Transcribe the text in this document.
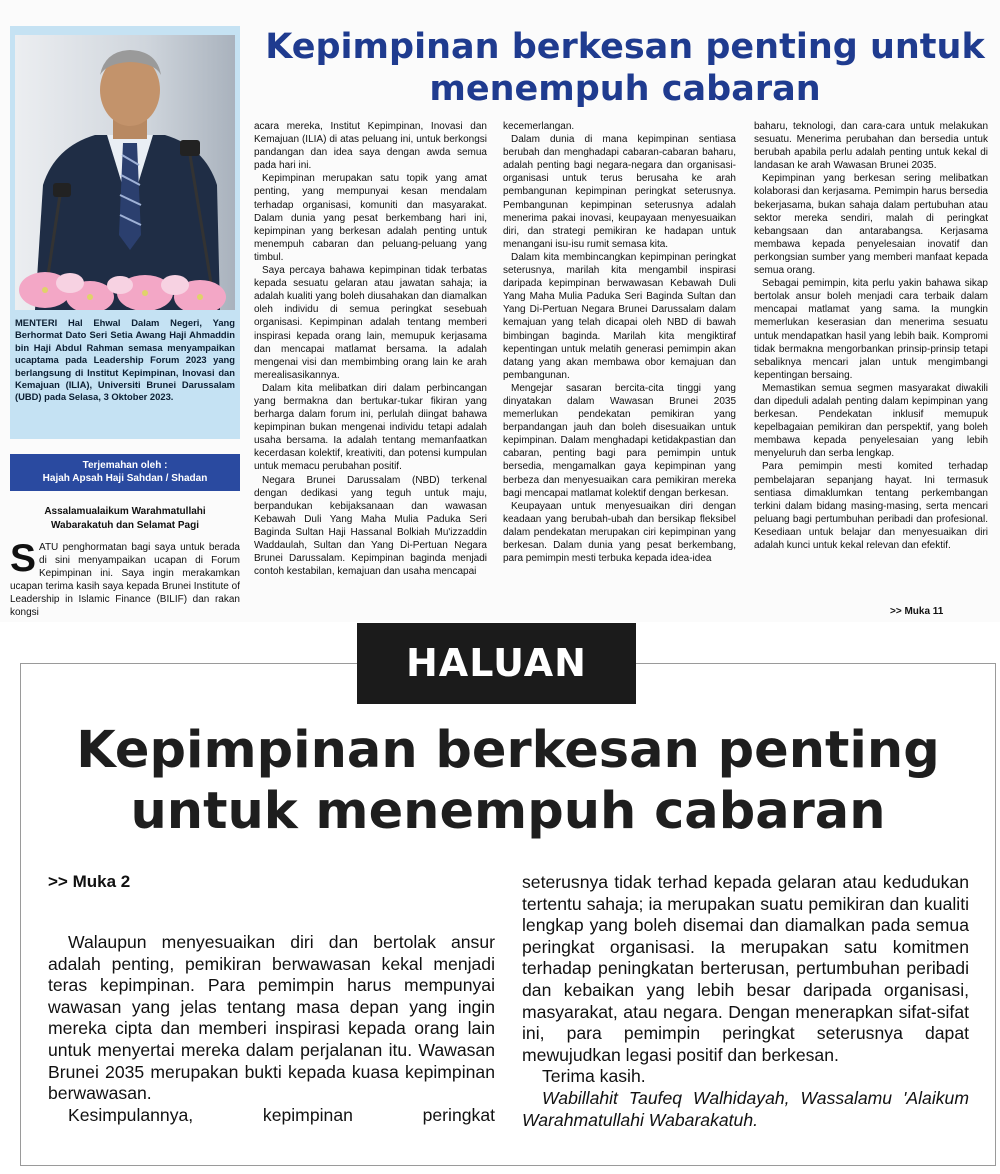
MENTERI Hal Ehwal Dalam Negeri, Yang Berhormat Dato Seri Setia Awang Haji Ahmaddin bin Haji Abdul Rahman semasa menyampaikan ucaptama pada Leadership Forum 2023 yang berlangsung di Institut Kepimpinan, Inovasi dan Kemajuan (ILIA), Universiti Brunei Darussalam (UBD) pada Selasa, 3 Oktober 2023.
Terjemahan oleh :
Hajah Apsah Haji Sahdan / Shadan
Assalamualaikum Warahmatullahi
Wabarakatuh dan Selamat Pagi
SATU penghormatan bagi saya untuk berada di sini menyampaikan ucapan di Forum Kepimpinan ini. Saya ingin merakamkan ucapan terima kasih saya kepada Brunei Institute of Leadership in Islamic Finance (BILIF) dan rakan kongsi
Kepimpinan berkesan penting untuk menempuh cabaran

acara mereka, Institut Kepimpinan, Inovasi dan Kemajuan (ILIA) di atas peluang ini, untuk berkongsi pandangan dan idea saya dengan awda semua pada hari ini.

Kepimpinan merupakan satu topik yang amat penting, yang mempunyai kesan mendalam terhadap organisasi, komuniti dan masyarakat. Dalam dunia yang pesat berkembang hari ini, kepimpinan yang berkesan adalah penting untuk menempuh cabaran dan peluang-peluang yang timbul.

Saya percaya bahawa kepimpinan tidak terbatas kepada sesuatu gelaran atau jawatan sahaja; ia adalah kualiti yang boleh diusahakan dan diamalkan oleh individu di semua peringkat sesebuah organisasi. Kepimpinan adalah tentang memberi inspirasi kepada orang lain, memupuk kerjasama dan mencapai matlamat bersama. Ia adalah mengenai visi dan membimbing orang lain ke arah merealisasikannya.

Dalam kita melibatkan diri dalam perbincangan yang bermakna dan bertukar-tukar fikiran yang berharga dalam forum ini, perlulah diingat bahawa kepimpinan bukan mengenai individu tetapi adalah usaha bersama. Ia adalah tentang memanfaatkan kecerdasan kolektif, kreativiti, dan potensi kumpulan untuk memacu perubahan positif.

Negara Brunei Darussalam (NBD) terkenal dengan dedikasi yang teguh untuk maju, berpandukan kebijaksanaan dan wawasan Kebawah Duli Yang Maha Mulia Paduka Seri Baginda Sultan Haji Hassanal Bolkiah Mu'izzaddin Waddaulah, Sultan dan Yang Di-Pertuan Negara Brunei Darussalam. Kepimpinan baginda menjadi contoh kestabilan, kemajuan dan usaha mencapai

kecemerlangan.

Dalam dunia di mana kepimpinan sentiasa berubah dan menghadapi cabaran-cabaran baharu, adalah penting bagi negara-negara dan organisasi-organisasi untuk terus berusaha ke arah pembangunan kepimpinan peringkat seterusnya. Pembangunan kepimpinan seterusnya adalah menerima pakai inovasi, keupayaan menyesuaikan diri, dan strategi pemikiran ke hadapan untuk menangani isu-isu rumit semasa kita.

Dalam kita membincangkan kepimpinan peringkat seterusnya, marilah kita mengambil inspirasi daripada kepimpinan berwawasan Kebawah Duli Yang Maha Mulia Paduka Seri Baginda Sultan dan Yang Di-Pertuan Negara Brunei Darussalam dalam kemajuan yang telah dicapai oleh NBD di bawah bimbingan baginda. Marilah kita mengiktiraf kepentingan untuk melatih generasi pemimpin akan datang yang akan membawa obor kemajuan dan pembangunan.

Mengejar sasaran bercita-cita tinggi yang dinyatakan dalam Wawasan Brunei 2035 memerlukan pendekatan pemikiran yang berpandangan jauh dan boleh disesuaikan untuk kepimpinan. Dalam menghadapi ketidakpastian dan cabaran, penting bagi para pemimpin untuk bersedia, mengamalkan gaya kepimpinan yang berbeza dan menyesuaikan cara pemikiran mereka bagi mencapai matlamat kolektif dengan berkesan.

Keupayaan untuk menyesuaikan diri dengan keadaan yang berubah-ubah dan bersikap fleksibel dalam pendekatan merupakan ciri kepimpinan yang berkesan. Dalam dunia yang pesat berkembang, para pemimpin mesti terbuka kepada idea-idea

baharu, teknologi, dan cara-cara untuk melakukan sesuatu. Menerima perubahan dan bersedia untuk berubah apabila perlu adalah penting untuk kekal di landasan ke arah Wawasan Brunei 2035.

Kepimpinan yang berkesan sering melibatkan kolaborasi dan kerjasama. Pemimpin harus bersedia bekerjasama, bukan sahaja dalam pertubuhan atau sektor mereka sendiri, malah di peringkat kebangsaan dan antarabangsa. Kerjasama membawa kepada penyelesaian inovatif dan perkongsian sumber yang memberi manfaat kepada semua orang.

Sebagai pemimpin, kita perlu yakin bahawa sikap bertolak ansur boleh menjadi cara terbaik dalam mencapai matlamat yang sama. Ia mungkin memerlukan keserasian dan menerima sesuatu untuk mendapatkan hasil yang lebih baik. Kompromi tidak bermakna mengorbankan prinsip-prinsip tetapi sebaliknya mencari jalan untuk mengimbangi kepentingan bersaing.

Memastikan semua segmen masyarakat diwakili dan dipeduli adalah penting dalam kepimpinan yang berkesan. Pendekatan inklusif memupuk kepelbagaian pemikiran dan perspektif, yang boleh membawa kepada penyelesaian yang lebih menyeluruh dan serba lengkap.

Para pemimpin mesti komited terhadap pembelajaran sepanjang hayat. Ini termasuk sentiasa dimaklumkan tentang perkembangan terkini dalam bidang masing-masing, serta mencari peluang bagi pertumbuhan peribadi dan profesional. Kesediaan untuk belajar dan menyesuaikan diri adalah kunci untuk kekal relevan dan efektif.

>> Muka 11
HALUAN
Kepimpinan berkesan penting untuk menempuh cabaran
>> Muka 2

Walaupun menyesuaikan diri dan bertolak ansur adalah penting, pemikiran berwawasan kekal menjadi teras kepimpinan. Para pemimpin harus mempunyai wawasan yang jelas tentang masa depan yang ingin mereka cipta dan memberi inspirasi kepada orang lain untuk menyertai mereka dalam perjalanan itu. Wawasan Brunei 2035 merupakan bukti kepada kuasa kepimpinan berwawasan.

Kesimpulannya, kepimpinan peringkat

seterusnya tidak terhad kepada gelaran atau kedudukan tertentu sahaja; ia merupakan suatu pemikiran dan kualiti lengkap yang boleh disemai dan diamalkan pada semua peringkat organisasi. Ia merupakan satu komitmen terhadap peningkatan berterusan, pertumbuhan peribadi dan kebaikan yang lebih besar daripada organisasi, masyarakat, atau negara. Dengan menerapkan sifat-sifat ini, para pemimpin peringkat seterusnya dapat mewujudkan legasi positif dan berkesan.

Terima kasih.

Wabillahit Taufeq Walhidayah, Wassalamu 'Alaikum Warahmatullahi Wabarakatuh.
